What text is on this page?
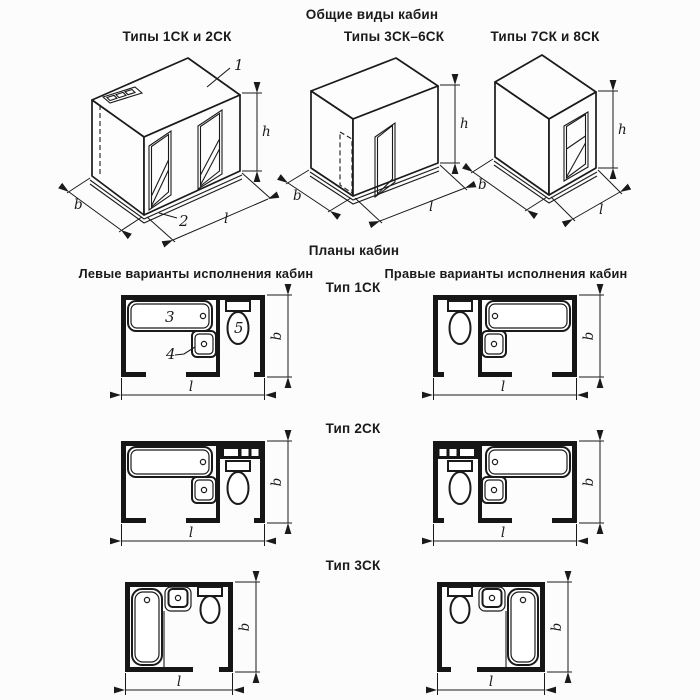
Общие виды кабин
Типы 1СК и 2СК	Типы 3СК–6СК	Типы 7СК и 8СК
Планы кабин
Левые варианты исполнения кабин	Правые варианты исполнения кабин
Тип 1СК
Тип 2СК
Тип 3СК
1
2
h
b
l
h
b
l
h
b
l
3
4
5 b
l
b
l
b
l
b
l
b
l
b
l
